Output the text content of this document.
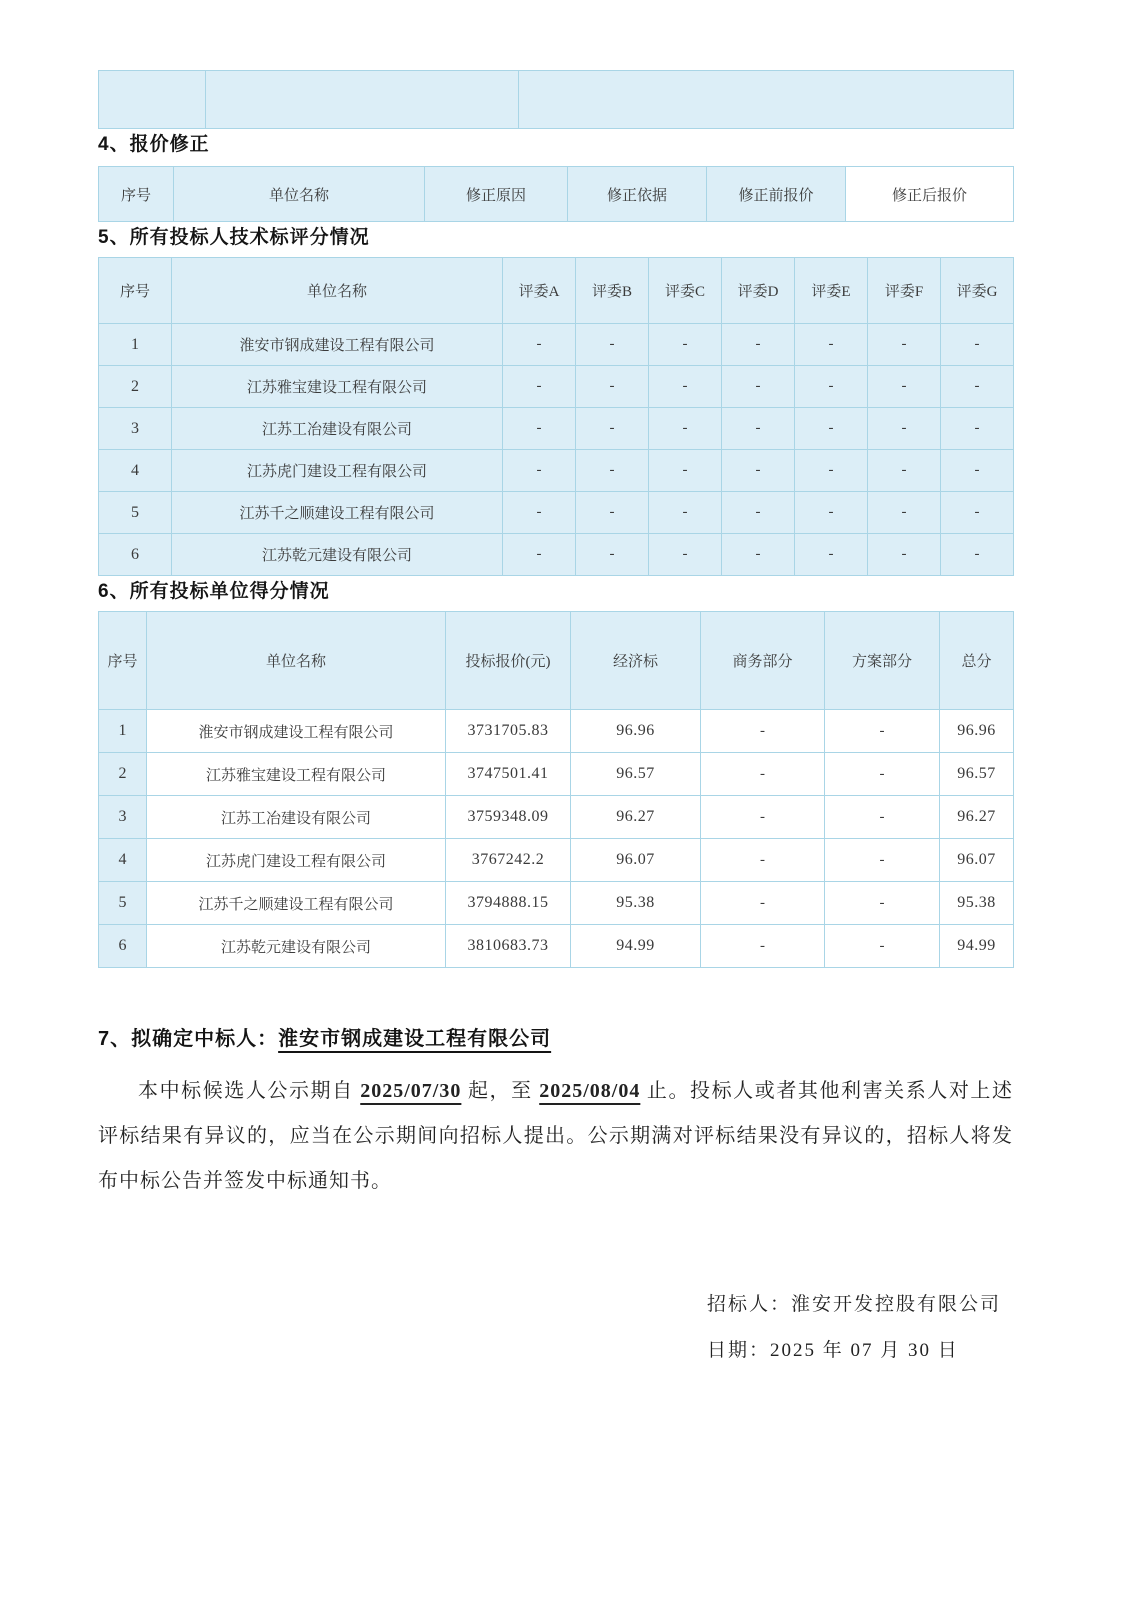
4、报价修正
序号	单位名称	修正原因	修正依据	修正前报价	修正后报价
5、所有投标人技术标评分情况
序号	单位名称	评委A	评委B	评委C	评委D	评委E	评委F	评委G
1	淮安市钢成建设工程有限公司	-	-	-	-	-	-	-
2	江苏雅宝建设工程有限公司	-	-	-	-	-	-	-
3	江苏工冶建设有限公司	-	-	-	-	-	-	-
4	江苏虎门建设工程有限公司	-	-	-	-	-	-	-
5	江苏千之顺建设工程有限公司	-	-	-	-	-	-	-
6	江苏乾元建设有限公司	-	-	-	-	-	-	-
6、所有投标单位得分情况
序号	单位名称	投标报价(元)	经济标	商务部分	方案部分	总分
1	淮安市钢成建设工程有限公司	3731705.83	96.96	-	-	96.96
2	江苏雅宝建设工程有限公司	3747501.41	96.57	-	-	96.57
3	江苏工冶建设有限公司	3759348.09	96.27	-	-	96.27
4	江苏虎门建设工程有限公司	3767242.2	96.07	-	-	96.07
5	江苏千之顺建设工程有限公司	3794888.15	95.38	-	-	95.38
6	江苏乾元建设有限公司	3810683.73	94.99	-	-	94.99
7、拟确定中标人：淮安市钢成建设工程有限公司

本中标候选人公示期自 2025/07/30 起，至 2025/08/04 止。投标人或者其他利害关系人对上述评标结果有异议的，应当在公示期间向招标人提出。公示期满对评标结果没有异议的，招标人将发布中标公告并签发中标通知书。

招标人：淮安开发控股有限公司
日期：2025 年 07 月 30 日
